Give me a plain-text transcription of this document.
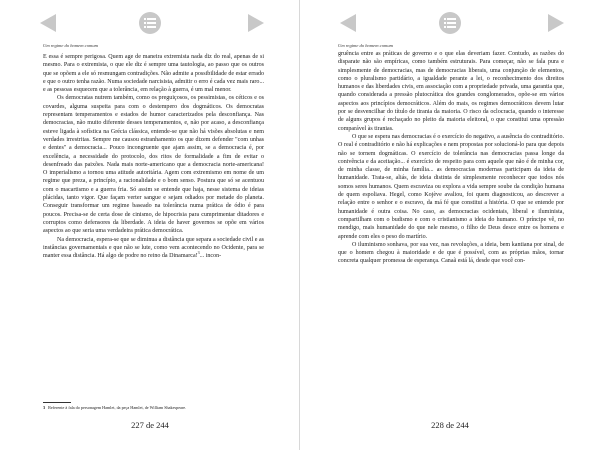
Um regime do homem comum

E essa é sempre perigosa. Quem age de maneira extremista nada diz do real, apenas de si mesmo. Para o extremista, o que ele diz é sempre uma tautologia, ao passo que os outros que se opõem a ele só resmungam contradições. Não admite a possibilidade de estar errado e que o outro tenha razão. Numa sociedade narcisista, admitir o erro é cada vez mais raro... e as pessoas esquecem que a tolerância, em relação à guerra, é um mal menor.

Os democratas nutrem também, como os preguiçosos, os pessimistas, os céticos e os covardes, alguma suspeita para com o destempero dos dogmáticos. Os democratas representam temperamentos e estados de humor caracterizados pela desconfiança. Nas democracias, não muito diferente desses temperamentos, e, não por acaso, a desconfiança esteve ligada à sofística na Grécia clássica, entende-se que não há visões absolutas e nem verdades irrestritas. Sempre me causou estranhamento os que dizem defender "com unhas e dentes" a democracia... Pouco incongruente que ajam assim, se a democracia é, por excelência, a necessidade do protocolo, dos ritos de formalidade a fim de evitar o desenfreado das paixões. Nada mais norte-americano que a democracia norte-americana! O imperialismo a tornou uma atitude autoritária. Agem com extremismo em nome de um regime que preza, a princípio, a racionalidade e o bom senso. Postura que só se acentuou com o macartismo e a guerra fria. Só assim se entende que haja, nesse sistema de ideias plácidas, tanto vigor. Que façam verter sangue e sejam odiados por metade do planeta. Conseguir transformar um regime baseado na tolerância numa prática de ódio é para poucos. Precisa-se de certa dose de cinismo, de hipocrisia para cumprimentar ditadores e corruptos como defensores da liberdade. A ideia de haver governos se opõe em vários aspectos ao que seria uma verdadeira prática democrática.

Na democracia, espera-se que se diminua a distância que separa a sociedade civil e as instâncias governamentais e que não se lute, como vem acontecendo no Ocidente, para se manter essa distância. Há algo de podre no reino da Dinamarca!$^3$... incon-

3 Referente à fala do personagem Hamlet, da peça Hamlet, de William Shakespeare.
227 de 244
Um regime do homem comum

gruência entre as práticas de governo e o que elas deveriam fazer. Contudo, as razões do disparate não são empíricas, como também estruturais. Para começar, não se fala pura e simplesmente de democracias, mas de democracias liberais, uma conjunção de elementos, como o pluralismo partidário, a igualdade perante a lei, o reconhecimento dos direitos humanos e das liberdades civis, em associação com a propriedade privada, uma garantia que, quando considerada a pressão plutocrática dos grandes conglomerados, opõe-se em vários aspectos aos princípios democráticos. Além do mais, os regimes democráticos devem lutar por se desvencilhar do título de tirania da maioria. O risco da oclocracia, quando o interesse de alguns grupos é rechaçado no pleito da maioria eleitoral, o que constitui uma opressão comparável às tiranias.

O que se espera nas democracias é o exercício do negativo, a ausência do contraditório. O real é contraditório e não há explicações e nem propostas por solucioná-lo para que depois não se tornem dogmáticas. O exercício de tolerância nas democracias passa longe da conivência e da aceitação... é exercício de respeito para com aquele que não é de minha cor, de minha classe, de minha família... as democracias modernas participam da ideia de humanidade. Trata-se, aliás, de ideia distinta de simplesmente reconhecer que todos nós somos seres humanos. Quem escraviza ou explora a vida sempre soube da condição humana de quem espoliava. Hegel, como Kojève avaliou, foi quem diagnosticou, ao descrever a relação entre o senhor e o escravo, da má fé que constitui a história. O que se entende por humanidade é outra coisa. No caso, as democracias ocidentais, liberal e iluminista, compartilham com o budismo e com o cristianismo a ideia do humano. O príncipe vê, no mendigo, mais humanidade do que nele mesmo, o filho de Deus desce entre os homens e aprende com eles o peso do martírio.

O iluminismo sonhava, por sua vez, nas revoluções, a ideia, bem kantiana por sinal, de que o homem chegou à maioridade e de que é possível, com as próprias mãos, tornar concreta qualquer promessa de esperança. Canaã está lá, desde que você con-

228 de 244
